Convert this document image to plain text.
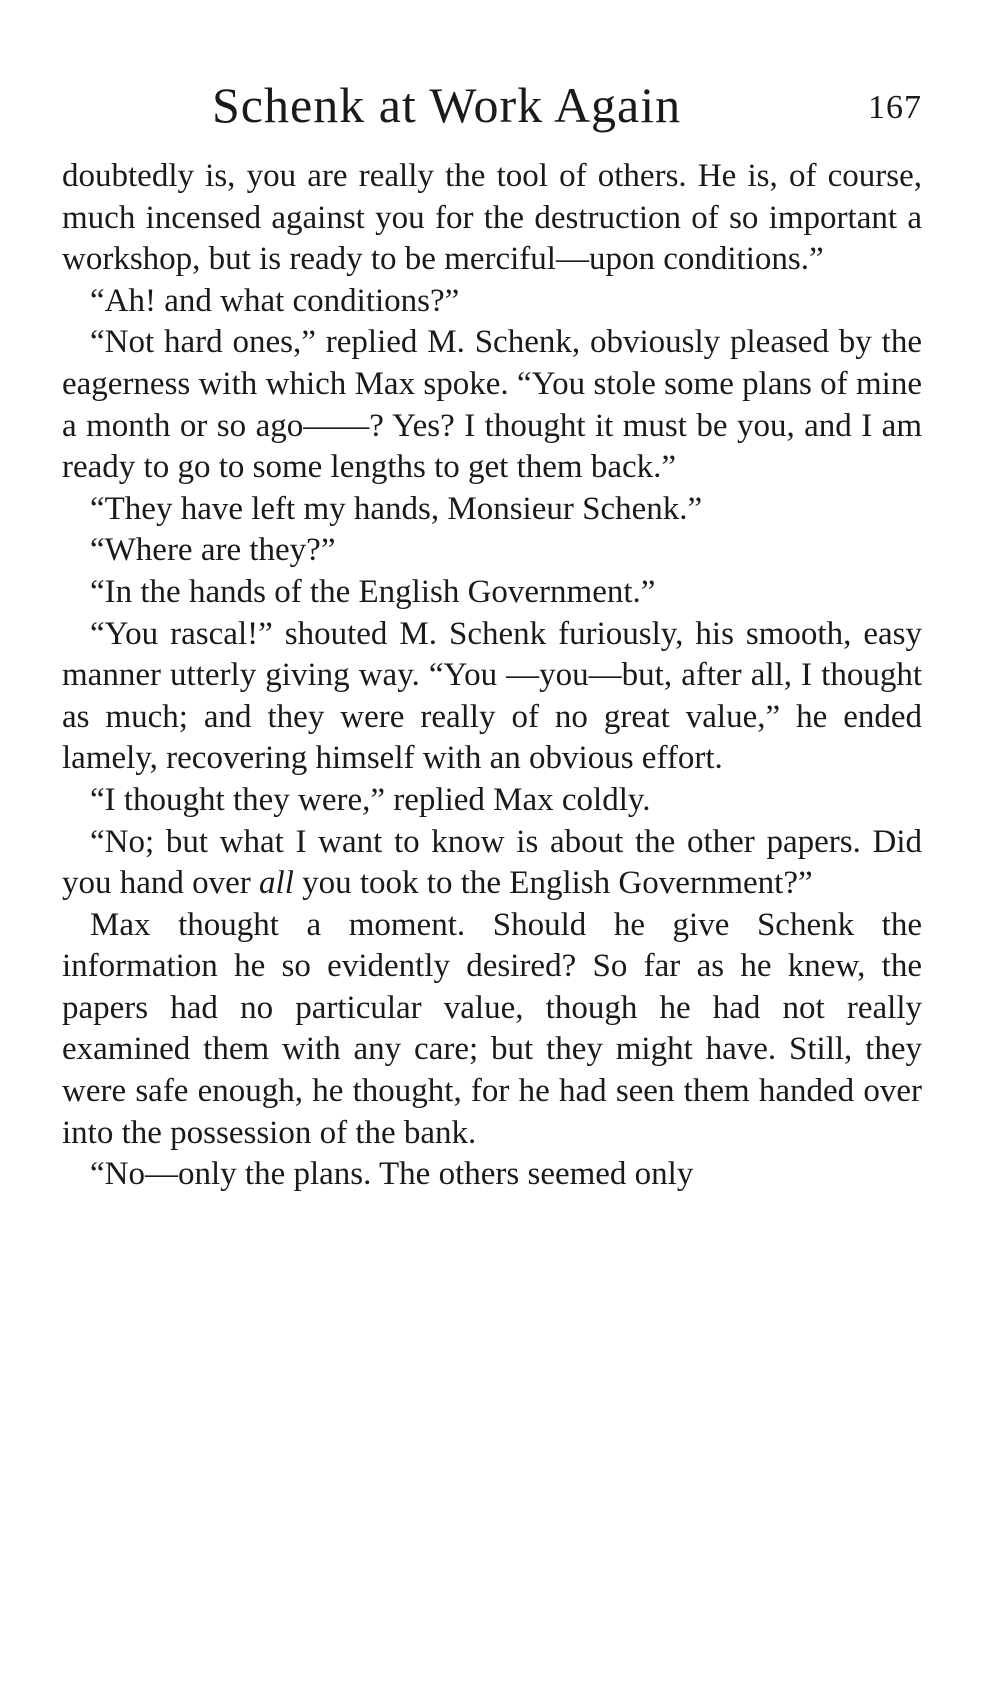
Schenk at Work Again	167

doubtedly is, you are really the tool of others. He is, of course, much incensed against you for the destruction of so important a workshop, but is ready to be merciful—upon conditions.”

“Ah! and what conditions?”

“Not hard ones,” replied M. Schenk, obviously pleased by the eagerness with which Max spoke. “You stole some plans of mine a month or so ago——? Yes? I thought it must be you, and I am ready to go to some lengths to get them back.”

“They have left my hands, Monsieur Schenk.”

“Where are they?”

“In the hands of the English Government.”

“You rascal!” shouted M. Schenk furiously, his smooth, easy manner utterly giving way. “You —you—but, after all, I thought as much; and they were really of no great value,” he ended lamely, recovering himself with an obvious effort.

“I thought they were,” replied Max coldly.

“No; but what I want to know is about the other papers. Did you hand over all you took to the English Government?”

Max thought a moment. Should he give Schenk the information he so evidently desired? So far as he knew, the papers had no particular value, though he had not really examined them with any care; but they might have. Still, they were safe enough, he thought, for he had seen them handed over into the possession of the bank.

“No—only the plans. The others seemed only
